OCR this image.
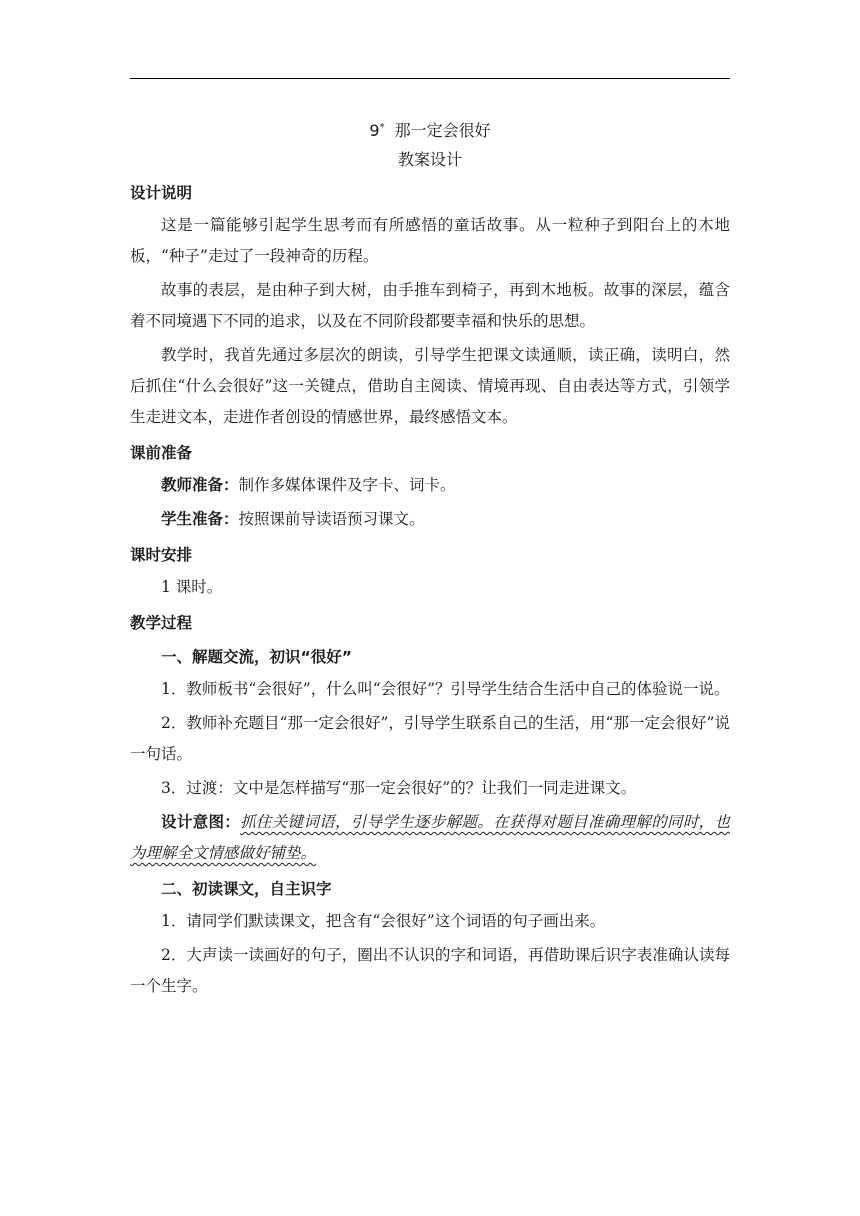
9* 那一定会很好
教案设计
设计说明

这是一篇能够引起学生思考而有所感悟的童话故事。从一粒种子到阳台上的木地板，“种子”走过了一段神奇的历程。

故事的表层，是由种子到大树，由手推车到椅子，再到木地板。故事的深层，蕴含着不同境遇下不同的追求，以及在不同阶段都要幸福和快乐的思想。

教学时，我首先通过多层次的朗读，引导学生把课文读通顺，读正确，读明白，然后抓住“什么会很好”这一关键点，借助自主阅读、情境再现、自由表达等方式，引领学生走进文本，走进作者创设的情感世界，最终感悟文本。

课前准备

教师准备：制作多媒体课件及字卡、词卡。

学生准备：按照课前导读语预习课文。

课时安排

1 课时。

教学过程
一、解题交流，初识“很好”

1．教师板书“会很好”，什么叫“会很好”？引导学生结合生活中自己的体验说一说。

2．教师补充题目“那一定会很好”，引导学生联系自己的生活，用“那一定会很好”说一句话。

3．过渡：文中是怎样描写“那一定会很好”的？让我们一同走进课文。

设计意图：抓住关键词语，引导学生逐步解题。在获得对题目准确理解的同时，也为理解全文情感做好铺垫。

二、初读课文，自主识字

1．请同学们默读课文，把含有“会很好”这个词语的句子画出来。

2．大声读一读画好的句子，圈出不认识的字和词语，再借助课后识字表准确认读每一个生字。
